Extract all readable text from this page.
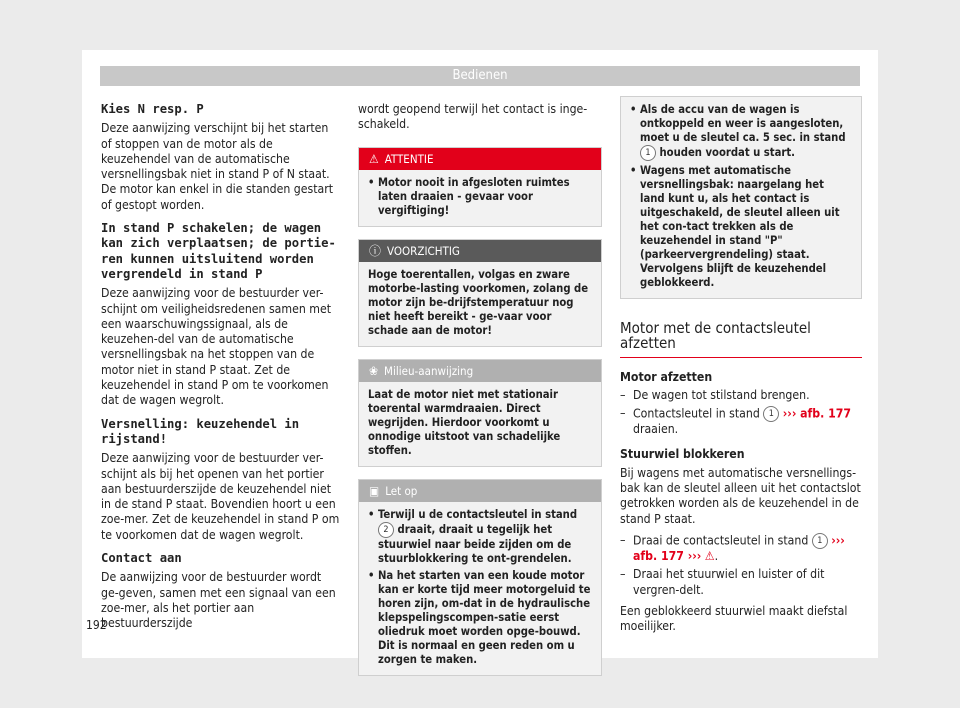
Bedienen

Kies N resp. P

Deze aanwijzing verschijnt bij het starten of stoppen van de motor als de keuzehendel van de automatische versnellingsbak niet in stand P of N staat. De motor kan enkel in die standen gestart of gestopt worden.

In stand P schakelen; de wagen kan zich verplaatsen; de portie-ren kunnen uitsluitend worden vergrendeld in stand P

Deze aanwijzing voor de bestuurder ver-schijnt om veiligheidsredenen samen met een waarschuwingssignaal, als de keuzehen-del van de automatische versnellingsbak na het stoppen van de motor niet in stand P staat. Zet de keuzehendel in stand P om te voorkomen dat de wagen wegrolt.

Versnelling: keuzehendel in rijstand!

Deze aanwijzing voor de bestuurder ver-schijnt als bij het openen van het portier aan bestuurderszijde de keuzehendel niet in de stand P staat. Bovendien hoort u een zoe-mer. Zet de keuzehendel in stand P om te voorkomen dat de wagen wegrolt.

Contact aan

De aanwijzing voor de bestuurder wordt ge-geven, samen met een signaal van een zoe-mer, als het portier aan bestuurderszijde

wordt geopend terwijl het contact is inge-schakeld.

⚠ ATTENTIE
• Motor nooit in afgesloten ruimtes laten draaien - gevaar voor vergiftiging!
ⓘ VOORZICHTIG
Hoge toerentallen, volgas en zware motorbe-lasting voorkomen, zolang de motor zijn be-drijfstemperatuur nog niet heeft bereikt - ge-vaar voor schade aan de motor!
❀ Milieu-aanwijzing
Laat de motor niet met stationair toerental warmdraaien. Direct wegrijden. Hierdoor voorkomt u onnodige uitstoot van schadelijke stoffen.
▣ Let op
• Terwijl u de contactsleutel in stand 2 draait, draait u tegelijk het stuurwiel naar beide zijden om de stuurblokkering te ont-grendelen.
• Na het starten van een koude motor kan er korte tijd meer motorgeluid te horen zijn, om-dat in de hydraulische klepspelingscompen-satie eerst oliedruk moet worden opge-bouwd. Dit is normaal en geen reden om u zorgen te maken.
• Als de accu van de wagen is ontkoppeld en weer is aangesloten, moet u de sleutel ca. 5 sec. in stand 1 houden voordat u start.
• Wagens met automatische versnellingsbak: naargelang het land kunt u, als het contact is uitgeschakeld, de sleutel alleen uit het con-tact trekken als de keuzehendel in stand "P" (parkeervergrendeling) staat. Vervolgens blijft de keuzehendel geblokkeerd.
Motor met de contactsleutel afzetten

Motor afzetten

– De wagen tot stilstand brengen.
– Contactsleutel in stand 1 ››› afb. 177 draaien.

Stuurwiel blokkeren

Bij wagens met automatische versnellings-bak kan de sleutel alleen uit het contactslot getrokken worden als de keuzehendel in de stand P staat.

– Draai de contactsleutel in stand 1 ››› afb. 177 ››› ⚠.
– Draai het stuurwiel en luister of dit vergren-delt.

Een geblokkeerd stuurwiel maakt diefstal moeilijker.

192
